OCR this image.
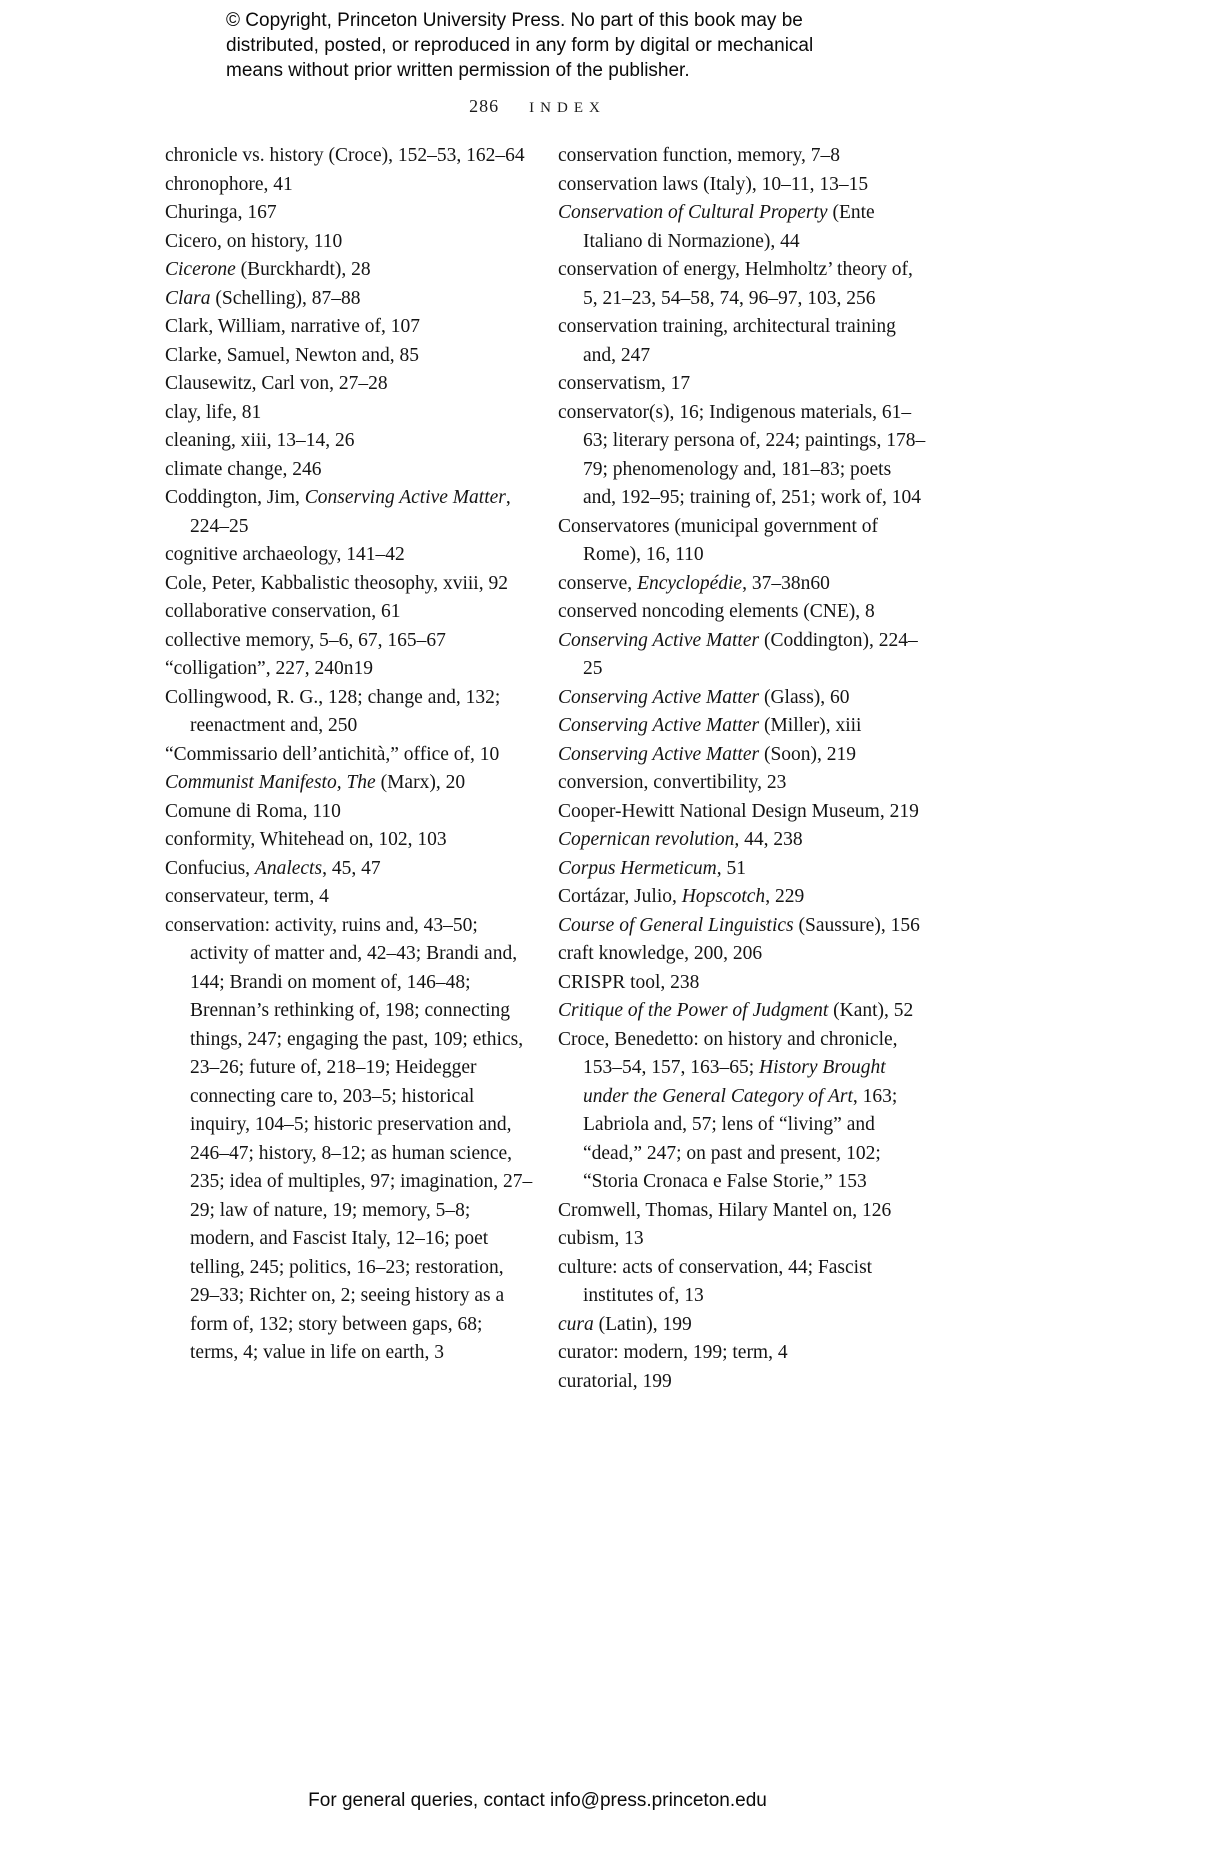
© Copyright, Princeton University Press. No part of this book may be
distributed, posted, or reproduced in any form by digital or mechanical
means without prior written permission of the publisher.
286 INDEX

chronicle vs. history (Croce), 152–53, 162–64

chronophore, 41

Churinga, 167

Cicero, on history, 110

Cicerone (Burckhardt), 28

Clara (Schelling), 87–88

Clark, William, narrative of, 107

Clarke, Samuel, Newton and, 85

Clausewitz, Carl von, 27–28

clay, life, 81

cleaning, xiii, 13–14, 26

climate change, 246

Coddington, Jim, Conserving Active Matter, 224–25

cognitive archaeology, 141–42

Cole, Peter, Kabbalistic theosophy, xviii, 92

collaborative conservation, 61

collective memory, 5–6, 67, 165–67

“colligation”, 227, 240n19

Collingwood, R. G., 128; change and, 132; reenactment and, 250

“Commissario dell’antichità,” office of, 10

Communist Manifesto, The (Marx), 20

Comune di Roma, 110

conformity, Whitehead on, 102, 103

Confucius, Analects, 45, 47

conservateur, term, 4

conservation: activity, ruins and, 43–50; activity of matter and, 42–43; Brandi and, 144; Brandi on moment of, 146–48; Brennan’s rethinking of, 198; connecting things, 247; engaging the past, 109; ethics, 23–26; future of, 218–19; Heidegger connecting care to, 203–5; historical inquiry, 104–5; historic preservation and, 246–47; history, 8–12; as human science, 235; idea of multiples, 97; imagination, 27–29; law of nature, 19; memory, 5–8; modern, and Fascist Italy, 12–16; poet telling, 245; politics, 16–23; restoration, 29–33; Richter on, 2; seeing history as a form of, 132; story between gaps, 68; terms, 4; value in life on earth, 3

conservation function, memory, 7–8

conservation laws (Italy), 10–11, 13–15

Conservation of Cultural Property (Ente Italiano di Normazione), 44

conservation of energy, Helmholtz’ theory of, 5, 21–23, 54–58, 74, 96–97, 103, 256

conservation training, architectural training and, 247

conservatism, 17

conservator(s), 16; Indigenous materials, 61–63; literary persona of, 224; paintings, 178–79; phenomenology and, 181–83; poets and, 192–95; training of, 251; work of, 104

Conservatores (municipal government of Rome), 16, 110

conserve, Encyclopédie, 37–38n60

conserved noncoding elements (CNE), 8

Conserving Active Matter (Coddington), 224–25

Conserving Active Matter (Glass), 60

Conserving Active Matter (Miller), xiii

Conserving Active Matter (Soon), 219

conversion, convertibility, 23

Cooper-Hewitt National Design Museum, 219

Copernican revolution, 44, 238

Corpus Hermeticum, 51

Cortázar, Julio, Hopscotch, 229

Course of General Linguistics (Saussure), 156

craft knowledge, 200, 206

CRISPR tool, 238

Critique of the Power of Judgment (Kant), 52

Croce, Benedetto: on history and chronicle, 153–54, 157, 163–65; History Brought under the General Category of Art, 163; Labriola and, 57; lens of “living” and “dead,” 247; on past and present, 102; “Storia Cronaca e False Storie,” 153

Cromwell, Thomas, Hilary Mantel on, 126

cubism, 13

culture: acts of conservation, 44; Fascist institutes of, 13

cura (Latin), 199

curator: modern, 199; term, 4

curatorial, 199

For general queries, contact info@press.princeton.edu
